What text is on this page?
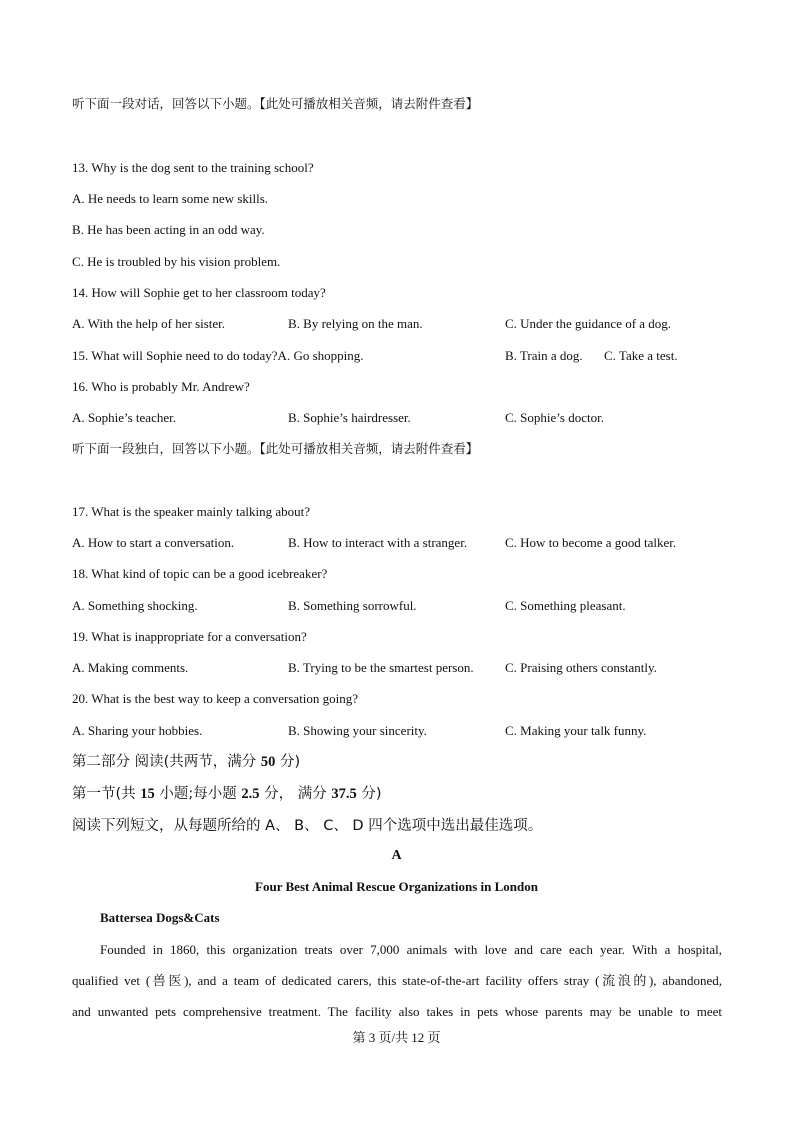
听下面一段对话，回答以下小题。【此处可播放相关音频，请去附件查看】
13. Why is the dog sent to the training school?
A. He needs to learn some new skills.
B. He has been acting in an odd way.
C. He is troubled by his vision problem.
14. How will Sophie get to her classroom today?
A. With the help of her sister.	B. By relying on the man.	C. Under the guidance of a dog.
15. What will Sophie need to do today?A. Go shopping.	B. Train a dog. C. Take a test.
16. Who is probably Mr. Andrew?
A. Sophie’s teacher.	B. Sophie’s hairdresser.	C. Sophie’s doctor.
听下面一段独白，回答以下小题。【此处可播放相关音频，请去附件查看】
17. What is the speaker mainly talking about?
A. How to start a conversation.	B. How to interact with a stranger.	C. How to become a good talker.
18. What kind of topic can be a good icebreaker?
A. Something shocking.	B. Something sorrowful.	C. Something pleasant.
19. What is inappropriate for a conversation?
A. Making comments.	B. Trying to be the smartest person. C. Praising others constantly.
20. What is the best way to keep a conversation going?
A. Sharing your hobbies.	B. Showing your sincerity.	C. Making your talk funny.
第二部分 阅读(共两节，满分 50 分)
第一节(共 15 小题;每小题 2.5 分， 满分 37.5 分)
阅读下列短文，从每题所给的 A、 B、 C、 D 四个选项中选出最佳选项。
A
Four Best Animal Rescue Organizations in London
Battersea Dogs&Cats
Founded in 1860, this organization treats over 7,000 animals with love and care each year. With a hospital,
qualified vet (兽医), and a team of dedicated carers, this state-of-the-art facility offers stray (流浪的), abandoned,
and unwanted pets comprehensive treatment. The facility also takes in pets whose parents may be unable to meet
第 3 页/共 12 页
